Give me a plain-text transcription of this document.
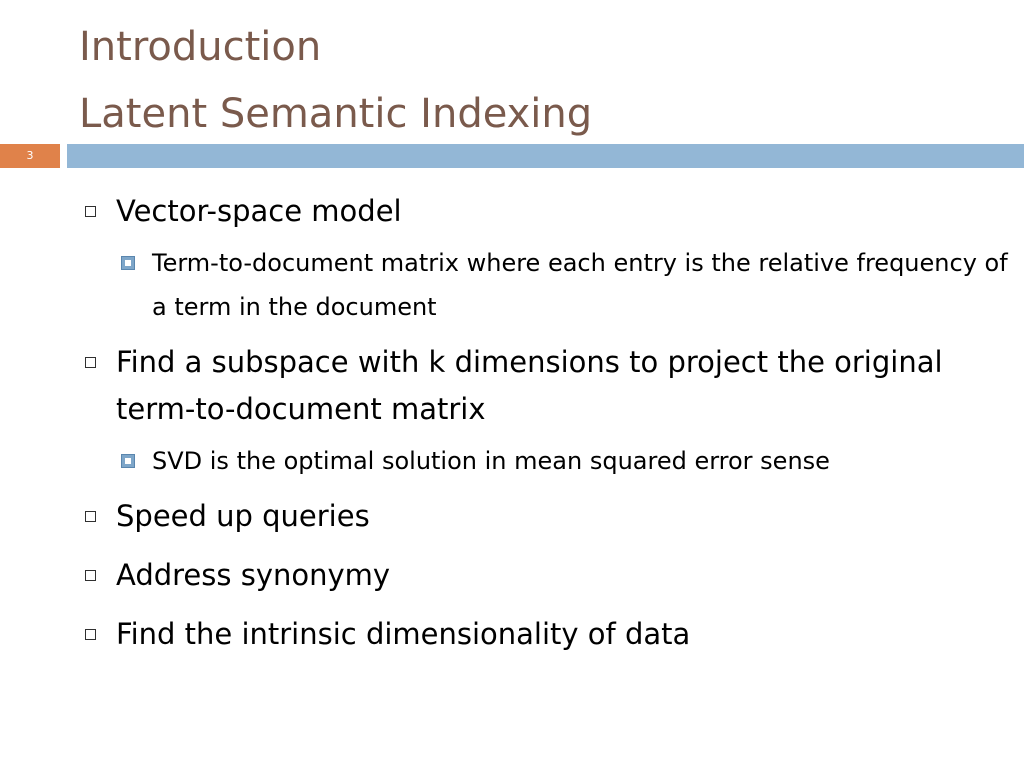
Introduction
Latent Semantic Indexing
3
Vector-space model
Term-to-document matrix where each entry is the relative frequency of a term in the document
Find a subspace with k dimensions to project the original term-to-document matrix
SVD is the optimal solution in mean squared error sense
Speed up queries
Address synonymy
Find the intrinsic dimensionality of data
